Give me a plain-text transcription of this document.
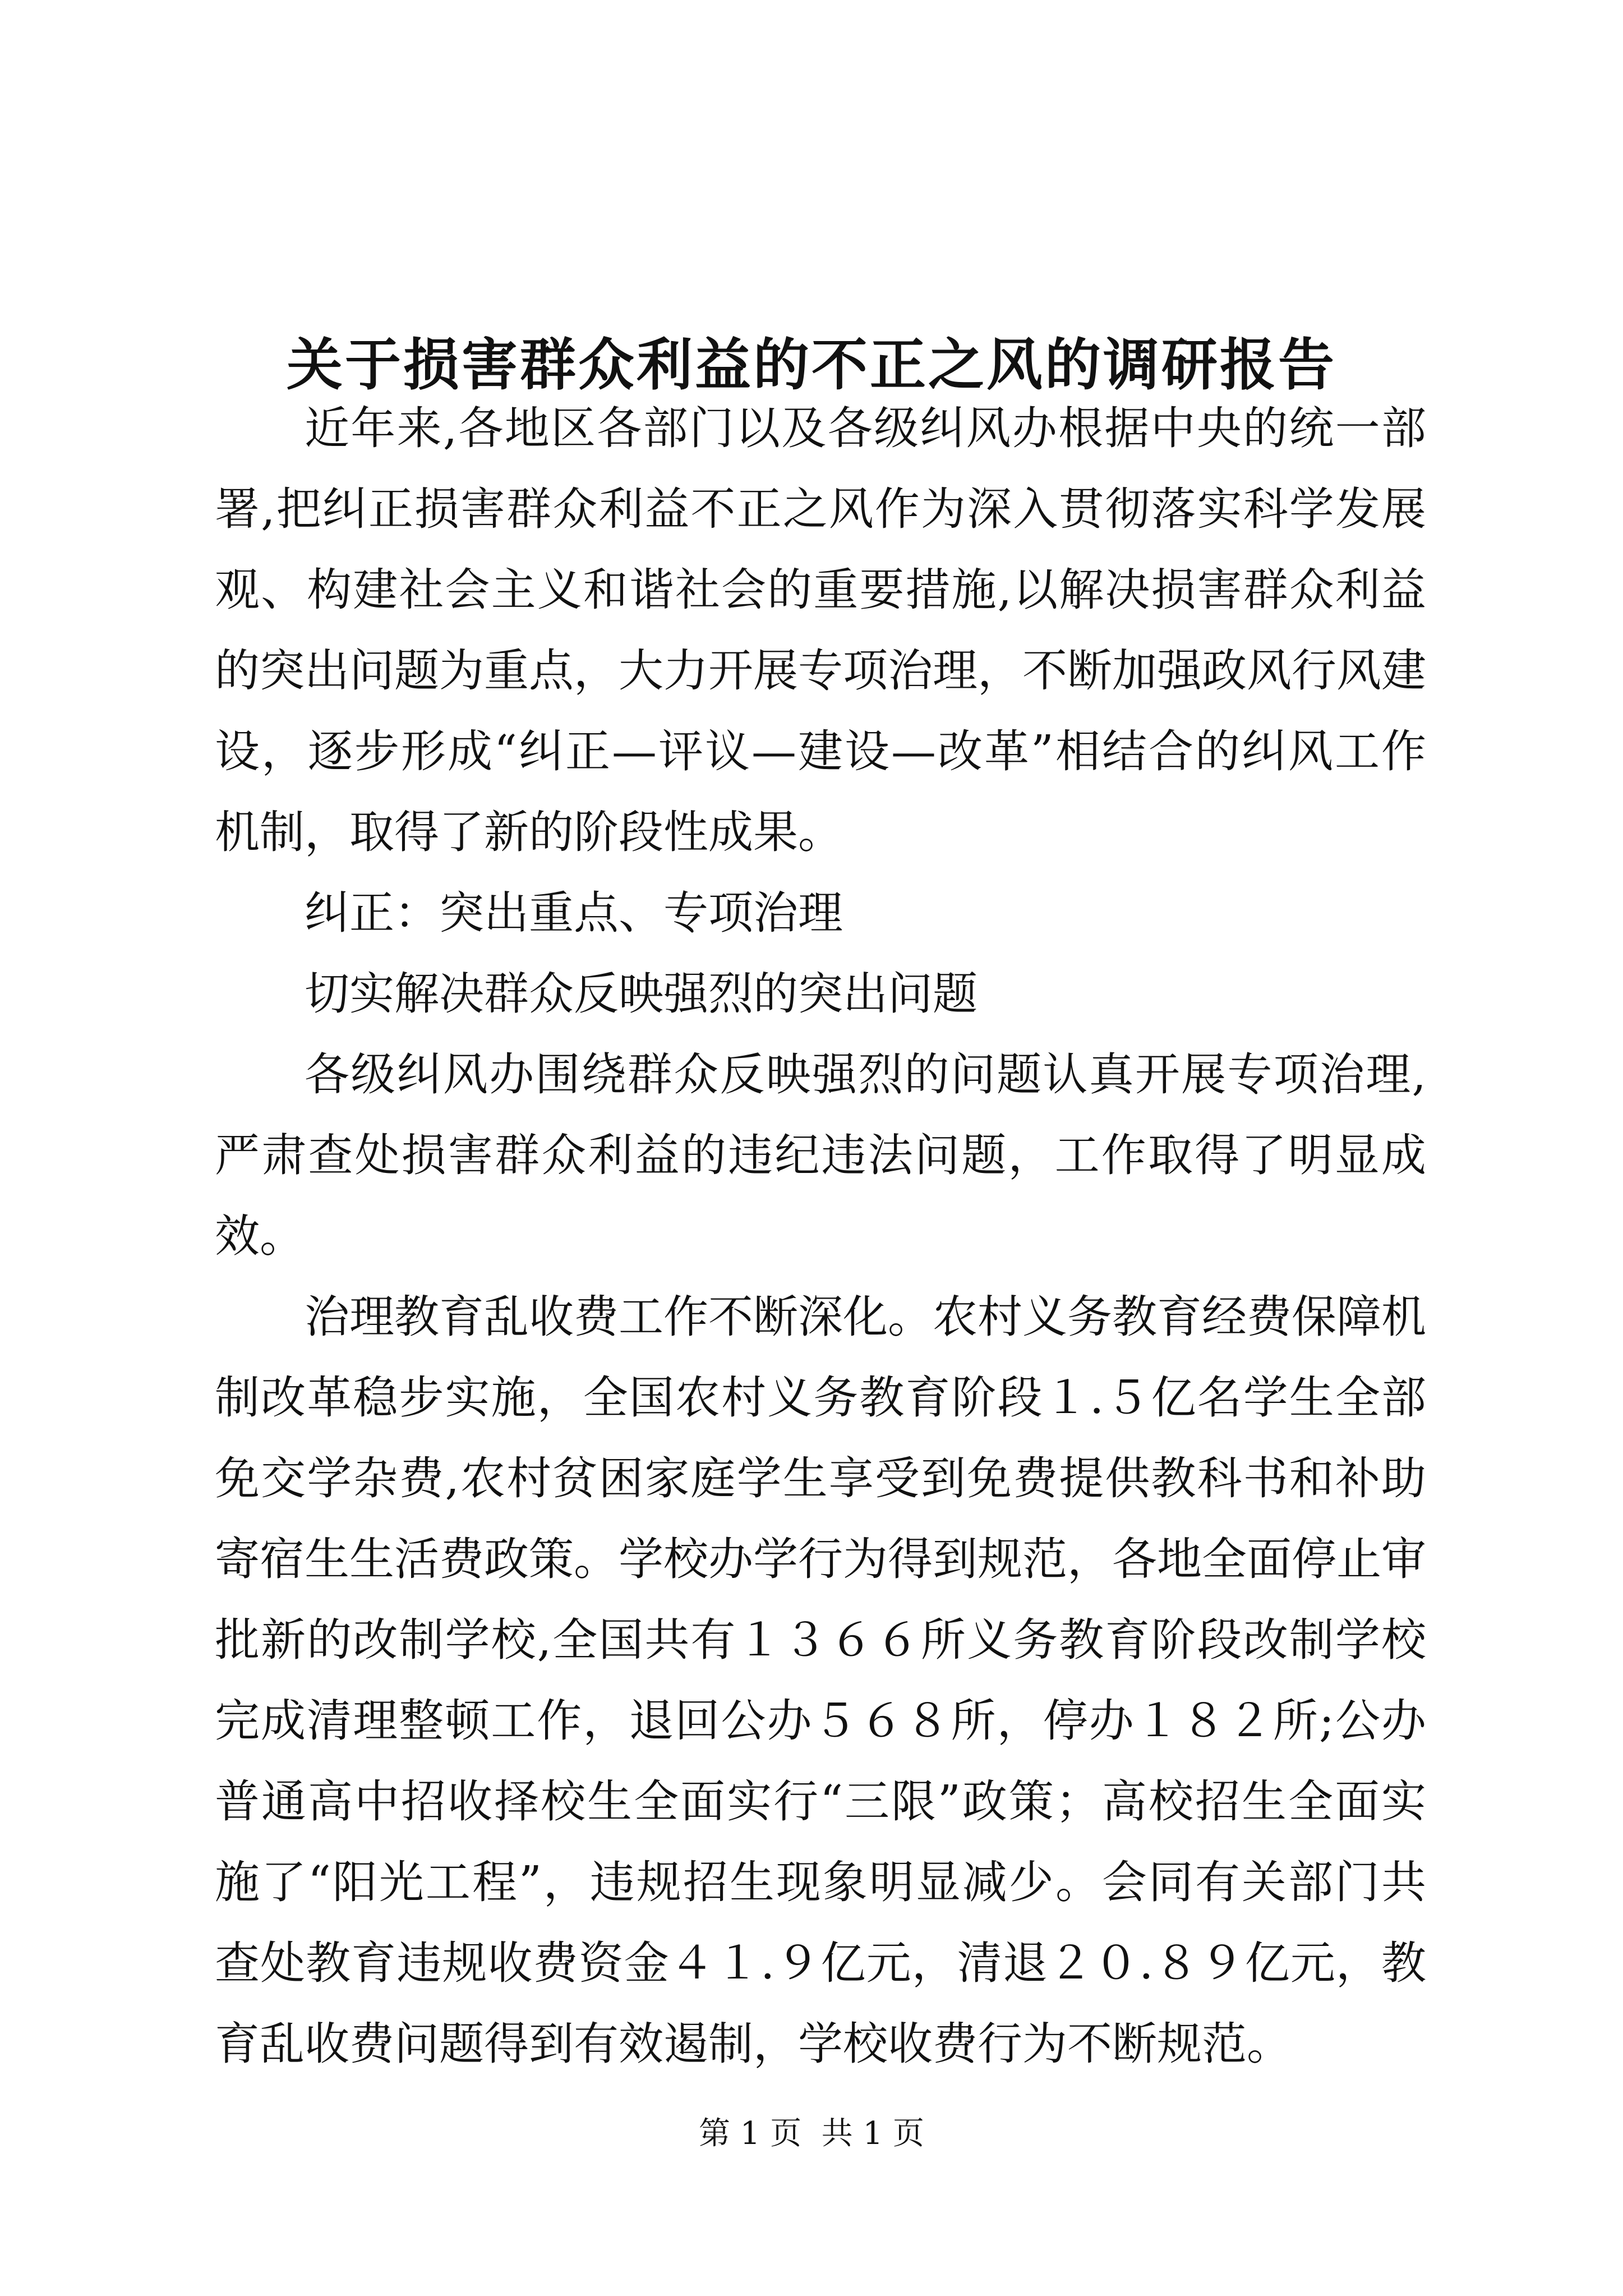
关于损害群众利益的不正之风的调研报告

近年来,各地区各部门以及各级纠风办根据中央的统一部署,把纠正损害群众利益不正之风作为深入贯彻落实科学发展观、构建社会主义和谐社会的重要措施,以解决损害群众利益的突出问题为重点，大力开展专项治理，不断加强政风行风建设，逐步形成“纠正—评议—建设—改革”相结合的纠风工作机制，取得了新的阶段性成果。

纠正：突出重点、专项治理

切实解决群众反映强烈的突出问题

各级纠风办围绕群众反映强烈的问题认真开展专项治理,严肃查处损害群众利益的违纪违法问题，工作取得了明显成效。

治理教育乱收费工作不断深化。农村义务教育经费保障机制改革稳步实施，全国农村义务教育阶段１.５亿名学生全部免交学杂费,农村贫困家庭学生享受到免费提供教科书和补助寄宿生生活费政策。学校办学行为得到规范，各地全面停止审批新的改制学校,全国共有１３６６所义务教育阶段改制学校完成清理整顿工作，退回公办５６８所，停办１８２所;公办普通高中招收择校生全面实行“三限”政策；高校招生全面实施了“阳光工程”，违规招生现象明显减少。会同有关部门共查处教育违规收费资金４１.９亿元，清退２０.８９亿元，教育乱收费问题得到有效遏制，学校收费行为不断规范。

第 1 页  共 1 页
